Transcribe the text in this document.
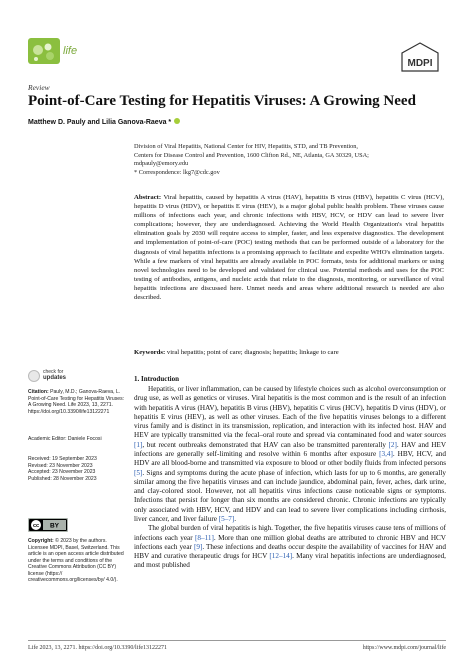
life
MDPI
Review
Point-of-Care Testing for Hepatitis Viruses: A Growing Need
Matthew D. Pauly and Lilia Ganova-Raeva *
Division of Viral Hepatitis, National Center for HIV, Hepatitis, STD, and TB Prevention,
Centers for Disease Control and Prevention, 1600 Clifton Rd., NE, Atlanta, GA 30329, USA;
mdpauly@emory.edu
* Correspondence: lkg7@cdc.gov
Abstract: Viral hepatitis, caused by hepatitis A virus (HAV), hepatitis B virus (HBV), hepatitis C virus (HCV), hepatitis D virus (HDV), or hepatitis E virus (HEV), is a major global public health problem. These viruses cause millions of infections each year, and chronic infections with HBV, HCV, or HDV can lead to severe liver complications; however, they are underdiagnosed. Achieving the World Health Organization's viral hepatitis elimination goals by 2030 will require access to simpler, faster, and less expensive diagnostics. The development and implementation of point-of-care (POC) testing methods that can be performed outside of a laboratory for the diagnosis of viral hepatitis infections is a promising approach to facilitate and expedite WHO's elimination targets. While a few markers of viral hepatitis are already available in POC formats, tests for additional markers or using novel technologies need to be developed and validated for clinical use. Potential methods and uses for the POC testing of antibodies, antigens, and nucleic acids that relate to the diagnosis, monitoring, or surveillance of viral hepatitis infections are discussed here. Unmet needs and areas where additional research is needed are also described.
Keywords: viral hepatitis; point of care; diagnosis; hepatitis; linkage to care
1. Introduction

Hepatitis, or liver inflammation, can be caused by lifestyle choices such as alcohol overconsumption or drug use, as well as genetics or viruses. Viral hepatitis is the most common and is the result of an infection with hepatitis A virus (HAV), hepatitis B virus (HBV), hepatitis C virus (HCV), hepatitis D virus (HDV), or hepatitis E virus (HEV), as well as other viruses. Each of the five hepatitis viruses belongs to a different virus family and is distinct in its transmission, replication, and interaction with its infected host. HAV and HEV are typically transmitted via the fecal–oral route and spread via contaminated food and water sources [1], but recent outbreaks demonstrated that HAV can also be transmitted parenterally [2]. HAV and HEV infections are generally self-limiting and resolve within 6 months after exposure [3,4]. HBV, HCV, and HDV are all blood-borne and transmitted via exposure to blood or other bodily fluids from infected persons [5]. Signs and symptoms during the acute phase of infection, which lasts for up to 6 months, are generally similar among the five hepatitis viruses and can include jaundice, abdominal pain, fever, aches, dark urine, and clay-colored stool. However, not all hepatitis virus infections cause noticeable signs or symptoms. Infections that persist for longer than six months are considered chronic. Chronic infections are typically only associated with HBV, HCV, and HDV and can lead to severe liver complications including cirrhosis, liver cancer, and liver failure [5–7].

The global burden of viral hepatitis is high. Together, the five hepatitis viruses cause tens of millions of infections each year [8–11]. More than one million global deaths are attributed to chronic HBV and HCV infections each year [9]. These infections and deaths occur despite the availability of vaccines for HAV and HBV and curative therapeutic drugs for HCV [12–14]. Many viral hepatitis infections are underdiagnosed, and most published

check for
updates
Citation: Pauly, M.D.; Ganova-Raeva, L. Point-of-Care Testing for Hepatitis Viruses: A Growing Need. Life 2023, 13, 2271. https://doi.org/10.3390/life13122271
Academic Editor: Daniele Focosi
Received: 19 September 2023
Revised: 23 November 2023
Accepted: 23 November 2023
Published: 28 November 2023
cc BY
Copyright: © 2023 by the authors. Licensee MDPI, Basel, Switzerland. This article is an open access article distributed under the terms and conditions of the Creative Commons Attribution (CC BY) license (https:// creativecommons.org/licenses/by/ 4.0/).
Life 2023, 13, 2271. https://doi.org/10.3390/life13122271	https://www.mdpi.com/journal/life
